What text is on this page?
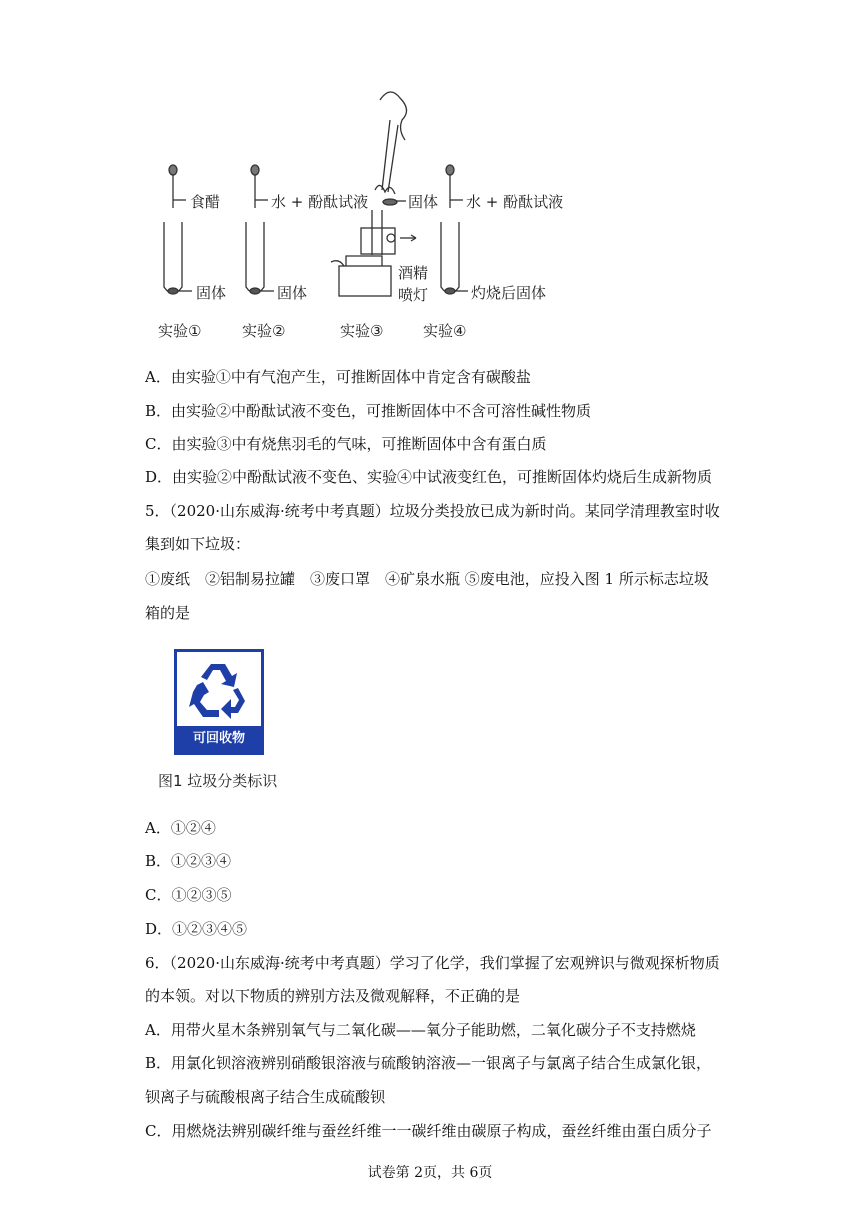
食醋	水 + 酚酞试液	固体 水 + 酚酞试液
固体	固体
酒精
喷灯	灼烧后固体
实验①	实验②	实验③	实验④
A．由实验①中有气泡产生，可推断固体中肯定含有碳酸盐
B．由实验②中酚酞试液不变色，可推断固体中不含可溶性碱性物质
C．由实验③中有烧焦羽毛的气味，可推断固体中含有蛋白质
D．由实验②中酚酞试液不变色、实验④中试液变红色，可推断固体灼烧后生成新物质
5．（2020·山东威海·统考中考真题）垃圾分类投放已成为新时尚。某同学清理教室时收
集到如下垃圾：
①废纸　②铝制易拉罐　③废口罩　④矿泉水瓶 ⑤废电池，应投入图 1 所示标志垃圾
箱的是
可回收物
图1 垃圾分类标识
A．①②④
B．①②③④
C．①②③⑤
D．①②③④⑤
6．（2020·山东威海·统考中考真题）学习了化学，我们掌握了宏观辨识与微观探析物质
的本领。对以下物质的辨别方法及微观解释，不正确的是
A．用带火星木条辨别氧气与二氧化碳——氧分子能助燃，二氧化碳分子不支持燃烧
B．用氯化钡溶液辨别硝酸银溶液与硫酸钠溶液—一银离子与氯离子结合生成氯化银，
钡离子与硫酸根离子结合生成硫酸钡
C．用燃烧法辨别碳纤维与蚕丝纤维一一碳纤维由碳原子构成，蚕丝纤维由蛋白质分子
试卷第 2页，共 6页
